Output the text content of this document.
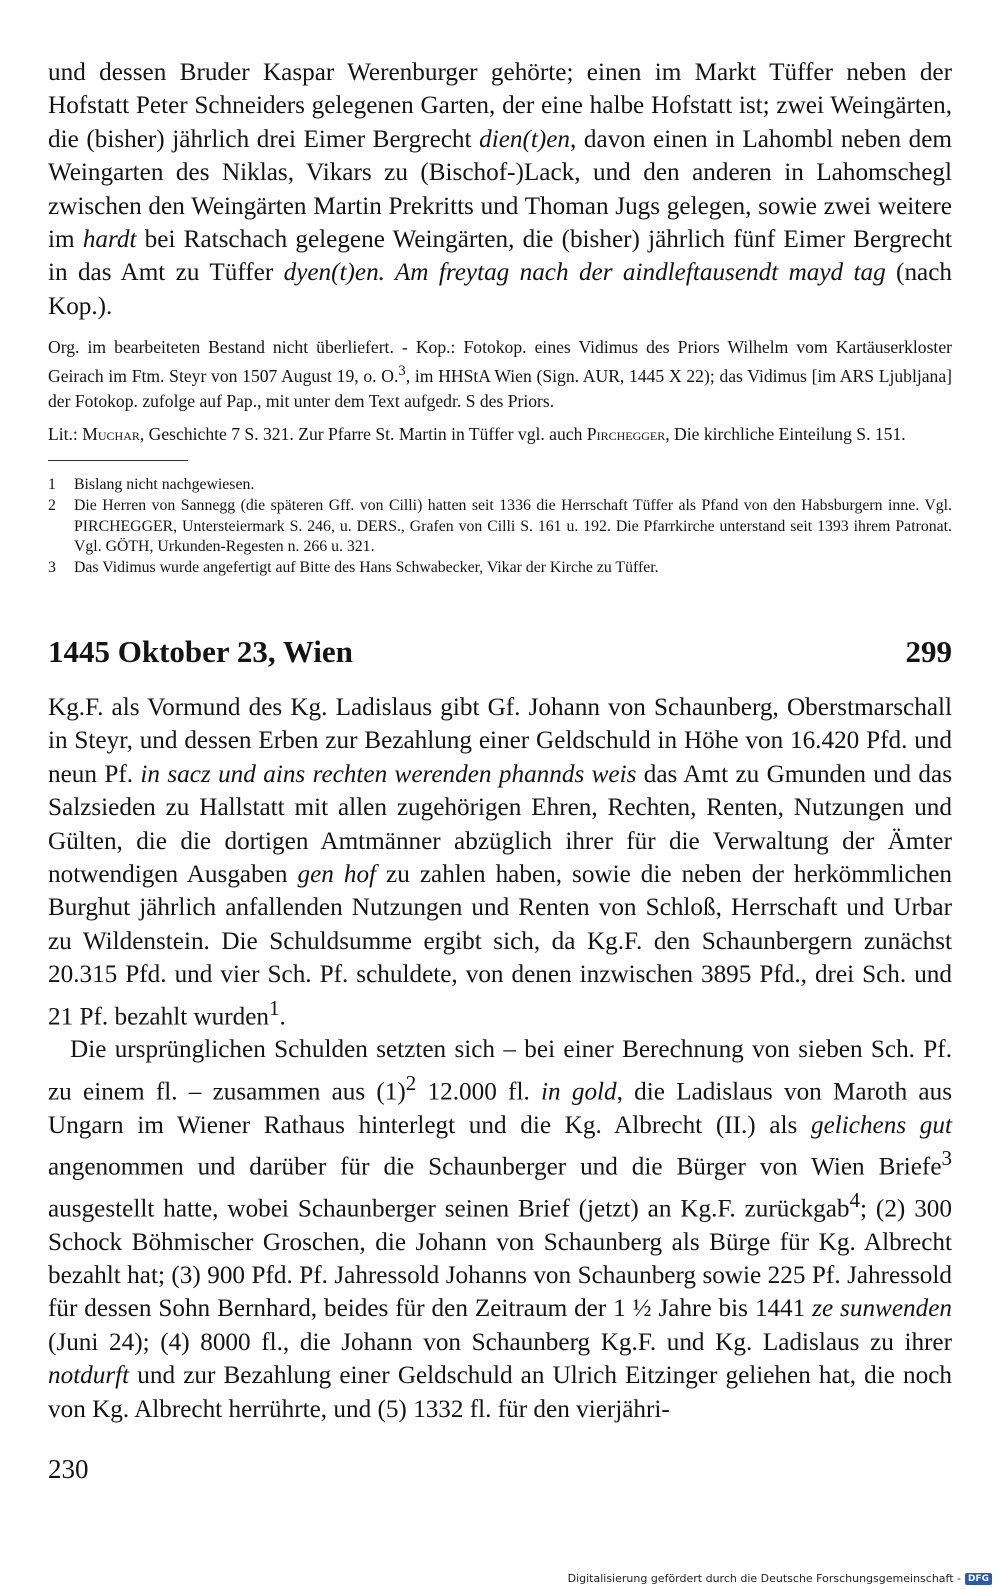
und dessen Bruder Kaspar Werenburger gehörte; einen im Markt Tüffer neben der Hofstatt Peter Schneiders gelegenen Garten, der eine halbe Hofstatt ist; zwei Weingärten, die (bisher) jährlich drei Eimer Bergrecht dien(t)en, davon einen in Lahombl neben dem Weingarten des Niklas, Vikars zu (Bischof-)Lack, und den anderen in Lahomschegl zwischen den Weingärten Martin Prekritts und Thoman Jugs gelegen, sowie zwei weitere im hardt bei Ratschach gelegene Weingärten, die (bisher) jährlich fünf Eimer Bergrecht in das Amt zu Tüffer dyen(t)en. Am freytag nach der aindleftausendt mayd tag (nach Kop.).

Org. im bearbeiteten Bestand nicht überliefert. - Kop.: Fotokop. eines Vidimus des Priors Wilhelm vom Kartäuserkloster Geirach im Ftm. Steyr von 1507 August 19, o. O.$^3$, im HHStA Wien (Sign. AUR, 1445 X 22); das Vidimus [im ARS Ljubljana] der Fotokop. zufolge auf Pap., mit unter dem Text aufgedr. S des Priors.

Lit.: Muchar, Geschichte 7 S. 321. Zur Pfarre St. Martin in Tüffer vgl. auch Pirchegger, Die kirchliche Einteilung S. 151.

1	Bislang nicht nachgewiesen.
2	Die Herren von Sannegg (die späteren Gff. von Cilli) hatten seit 1336 die Herrschaft Tüffer als Pfand von den Habsburgern inne. Vgl. PIRCHEGGER, Untersteiermark S. 246, u. DERS., Grafen von Cilli S. 161 u. 192. Die Pfarrkirche unterstand seit 1393 ihrem Patronat. Vgl. GÖTH, Urkunden-Regesten n. 266 u. 321.
3	Das Vidimus wurde angefertigt auf Bitte des Hans Schwabecker, Vikar der Kirche zu Tüffer.
1445 Oktober 23, Wien	299

Kg.F. als Vormund des Kg. Ladislaus gibt Gf. Johann von Schaunberg, Oberstmarschall in Steyr, und dessen Erben zur Bezahlung einer Geldschuld in Höhe von 16.420 Pfd. und neun Pf. in sacz und ains rechten werenden phannds weis das Amt zu Gmunden und das Salzsieden zu Hallstatt mit allen zugehörigen Ehren, Rechten, Renten, Nutzungen und Gülten, die die dortigen Amtmänner abzüglich ihrer für die Verwaltung der Ämter notwendigen Ausgaben gen hof zu zahlen haben, sowie die neben der herkömmlichen Burghut jährlich anfallenden Nutzungen und Renten von Schloß, Herrschaft und Urbar zu Wildenstein. Die Schuldsumme ergibt sich, da Kg.F. den Schaunbergern zunächst 20.315 Pfd. und vier Sch. Pf. schuldete, von denen inzwischen 3895 Pfd., drei Sch. und 21 Pf. bezahlt wurden$^1$.

Die ursprünglichen Schulden setzten sich – bei einer Berechnung von sieben Sch. Pf. zu einem fl. – zusammen aus $(1)^2$ 12.000 fl. in gold, die Ladislaus von Maroth aus Ungarn im Wiener Rathaus hinterlegt und die Kg. Albrecht (II.) als gelichens gut angenommen und darüber für die Schaunberger und die Bürger von Wien Briefe$^3$ ausgestellt hatte, wobei Schaunberger seinen Brief (jetzt) an Kg.F. zurückgab$^4$; (2) 300 Schock Böhmischer Groschen, die Johann von Schaunberg als Bürge für Kg. Albrecht bezahlt hat; (3) 900 Pfd. Pf. Jahressold Johanns von Schaunberg sowie 225 Pf. Jahressold für dessen Sohn Bernhard, beides für den Zeitraum der 1 ½ Jahre bis 1441 ze sunwenden (Juni 24); (4) 8000 fl., die Johann von Schaunberg Kg.F. und Kg. Ladislaus zu ihrer notdurft und zur Bezahlung einer Geldschuld an Ulrich Eitzinger geliehen hat, die noch von Kg. Albrecht herrührte, und (5) 1332 fl. für den vierjähri-

230
Digitalisierung gefördert durch die Deutsche Forschungsgemeinschaft - DFG
